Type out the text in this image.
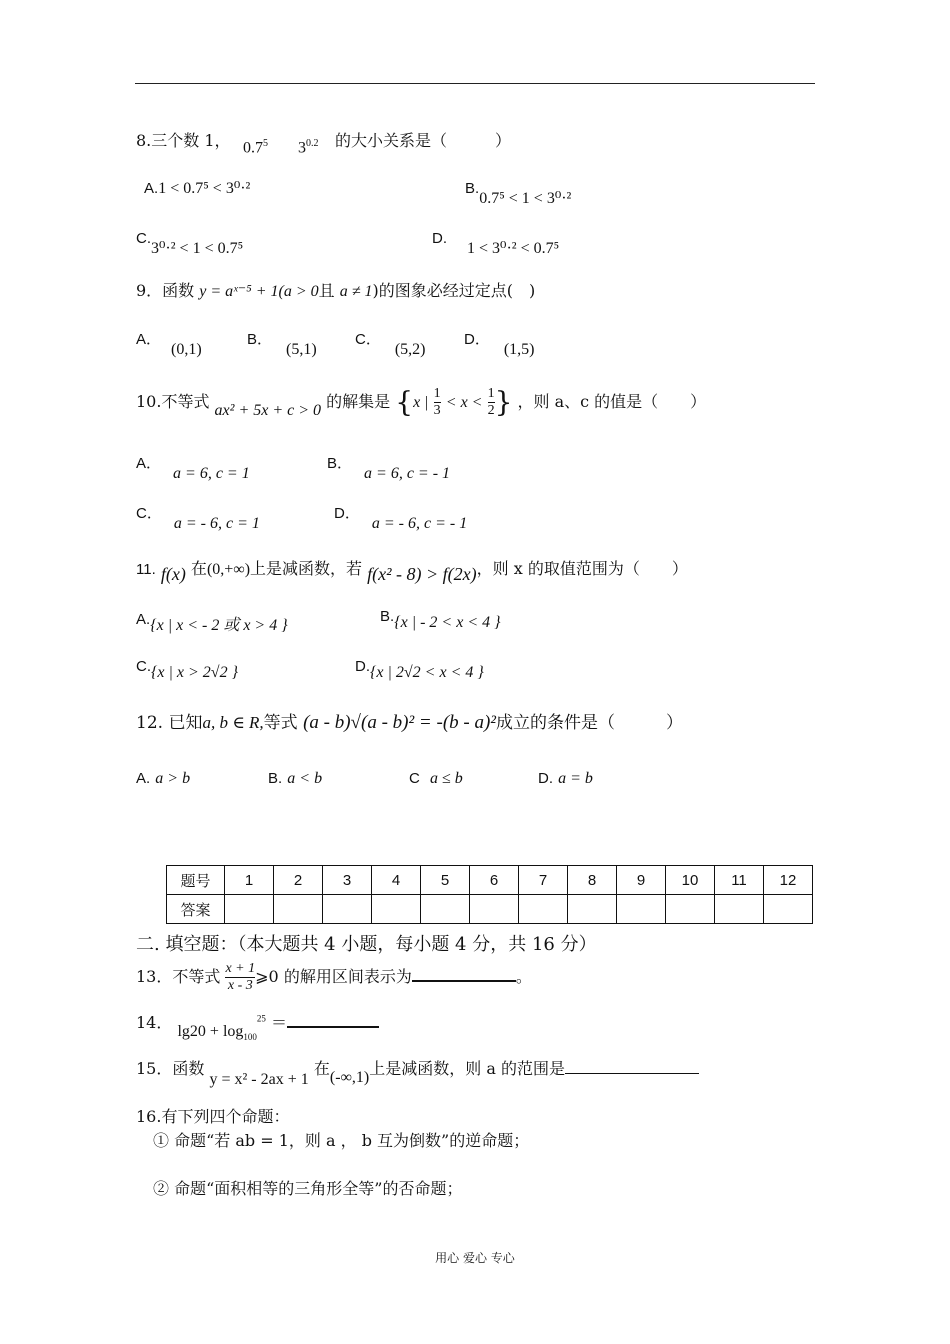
8.三个数 1， $0.7^5$ $3^{0.2}$ 的大小关系是（　　　）
A.1 < 0.7⁵ < 3⁰·²	B.0.7⁵ < 1 < 3⁰·²
C.3⁰·² < 1 < 0.7⁵
D.1 < 3⁰·² < 0.7⁵
9．函数 y = aˣ⁻⁵ + 1(a > 0且 a ≠ 1)的图象必经过定点(　)
A．(0,1)
B．(5,1)
C．(5,2)
D．(1,5)
10.不等式 ax² + 5x + c > 0 的解集是 {x | $\frac{1}{3} < x < \frac{1}{2}$ } ，则 a、c 的值是（　　）
A．a = 6, c = 1
B．a = 6, c = - 1
C．a = - 6, c = 1
D．a = - 6, c = - 1
11. f(x) 在(0,+∞)上是减函数，若 f(x² - 8) > f(2x)，则 x 的取值范围为（　　）
A.{x | x < - 2 或 x > 4 }
B.{x | - 2 < x < 4 }
C.{x | x > 2√2 }	D.{x | 2√2 < x < 4 }
12. 已知a, b ∈ R,等式 (a - b)√(a - b)² = -(b - a)²成立的条件是（　　　）
A. a > b	B. a < b	C a ≤ b	D. a = b
题号	1	2	3	4	5	6	7	8	9	10	11	12
答案												
二. 填空题：（本大题共 4 小题，每小题 4 分，共 16 分）
13．不等式 $\frac{x + 1}{x - 3}$ ⩾0 的解用区间表示为	。
14． $\lg 20 + \log_{100}^{25}$ ＝
15．函数 y = x² - 2ax + 1 在(-∞,1)上是减函数，则 a 的范围是
16.有下列四个命题：
① 命题“若 ab = 1，则 a ， b 互为倒数”的逆命题；
② 命题“面积相等的三角形全等”的否命题；
用心 爱心 专心
